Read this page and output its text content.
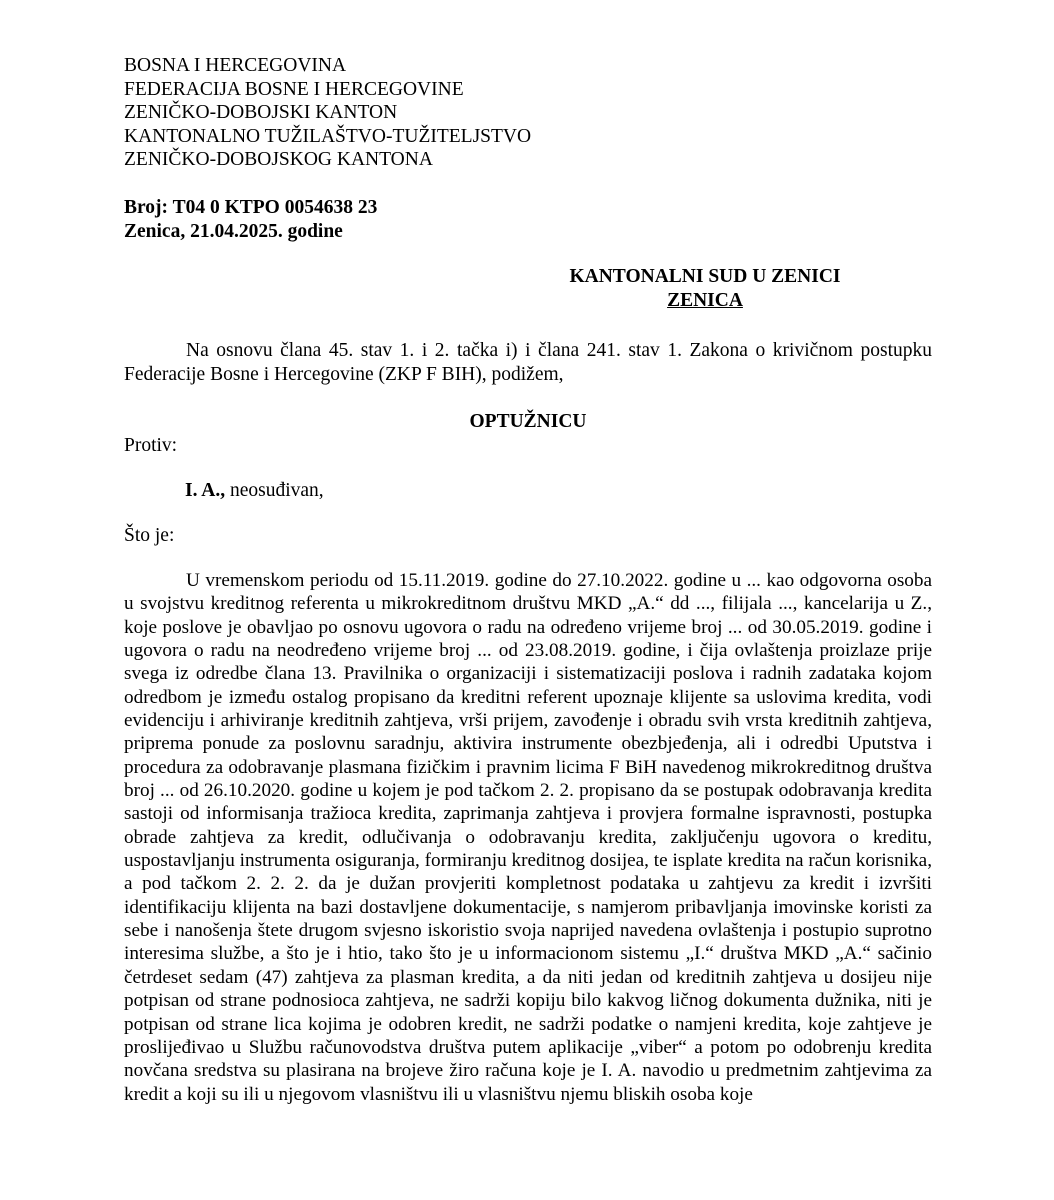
BOSNA I HERCEGOVINA
FEDERACIJA BOSNE I HERCEGOVINE
ZENIČKO-DOBOJSKI KANTON
KANTONALNO TUŽILAŠTVO-TUŽITELJSTVO
ZENIČKO-DOBOJSKOG KANTONA
Broj: T04 0 KTPO 0054638 23
Zenica, 21.04.2025. godine
KANTONALNI SUD U ZENICI
ZENICA

Na osnovu člana 45. stav 1. i 2. tačka i) i člana 241. stav 1. Zakona o krivičnom postupku Federacije Bosne i Hercegovine (ZKP F BIH), podižem,

OPTUŽNICU
Protiv:
I. A., neosuđivan,
Što je:

U vremenskom periodu od 15.11.2019. godine do 27.10.2022. godine u ... kao odgovorna osoba u svojstvu kreditnog referenta u mikrokreditnom društvu MKD „A.“ dd ..., filijala ..., kancelarija u Z., koje poslove je obavljao po osnovu ugovora o radu na određeno vrijeme broj ... od 30.05.2019. godine i ugovora o radu na neodređeno vrijeme broj ... od 23.08.2019. godine, i čija ovlaštenja proizlaze prije svega iz odredbe člana 13. Pravilnika o organizaciji i sistematizaciji poslova i radnih zadataka kojom odredbom je između ostalog propisano da kreditni referent upoznaje klijente sa uslovima kredita, vodi evidenciju i arhiviranje kreditnih zahtjeva, vrši prijem, zavođenje i obradu svih vrsta kreditnih zahtjeva, priprema ponude za poslovnu saradnju, aktivira instrumente obezbjeđenja, ali i odredbi Uputstva i procedura za odobravanje plasmana fizičkim i pravnim licima F BiH navedenog mikrokreditnog društva broj ... od 26.10.2020. godine u kojem je pod tačkom 2. 2. propisano da se postupak odobravanja kredita sastoji od informisanja tražioca kredita, zaprimanja zahtjeva i provjera formalne ispravnosti, postupka obrade zahtjeva za kredit, odlučivanja o odobravanju kredita, zaključenju ugovora o kreditu, uspostavljanju instrumenta osiguranja, formiranju kreditnog dosijea, te isplate kredita na račun korisnika, a pod tačkom 2. 2. 2. da je dužan provjeriti kompletnost podataka u zahtjevu za kredit i izvršiti identifikaciju klijenta na bazi dostavljene dokumentacije, s namjerom pribavljanja imovinske koristi za sebe i nanošenja štete drugom svjesno iskoristio svoja naprijed navedena ovlaštenja i postupio suprotno interesima službe, a što je i htio, tako što je u informacionom sistemu „I.“ društva MKD „A.“ sačinio četrdeset sedam (47) zahtjeva za plasman kredita, a da niti jedan od kreditnih zahtjeva u dosijeu nije potpisan od strane podnosioca zahtjeva, ne sadrži kopiju bilo kakvog ličnog dokumenta dužnika, niti je potpisan od strane lica kojima je odobren kredit, ne sadrži podatke o namjeni kredita, koje zahtjeve je proslijeđivao u Službu računovodstva društva putem aplikacije „viber“ a potom po odobrenju kredita novčana sredstva su plasirana na brojeve žiro računa koje je I. A. navodio u predmetnim zahtjevima za kredit a koji su ili u njegovom vlasništvu ili u vlasništvu njemu bliskih osoba koje
